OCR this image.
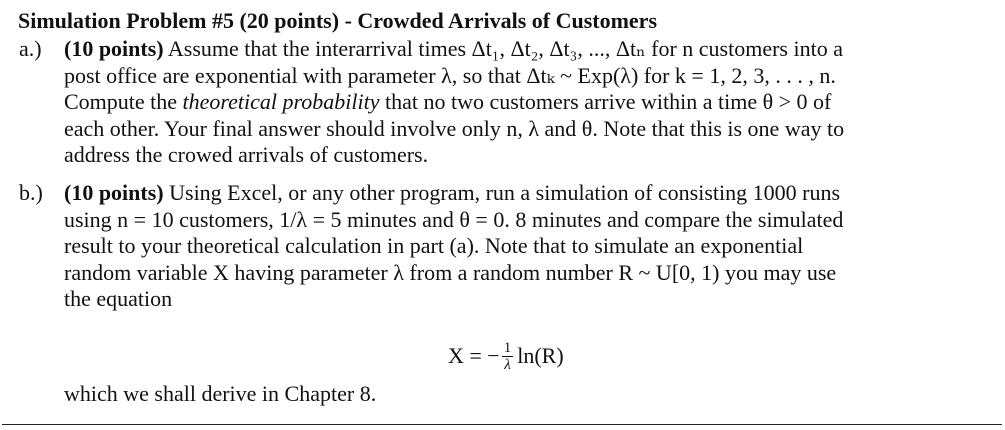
Simulation Problem #5 (20 points) - Crowded Arrivals of Customers
a.) (10 points) Assume that the interarrival times Δt₁, Δt₂, Δt₃, ..., Δtₙ for n customers into a
post office are exponential with parameter λ, so that Δtₖ ~ Exp(λ) for k = 1, 2, 3, . . . , n.
Compute the theoretical probability that no two customers arrive within a time θ > 0 of
each other. Your final answer should involve only n, λ and θ. Note that this is one way to
address the crowed arrivals of customers.
b.) (10 points) Using Excel, or any other program, run a simulation of consisting 1000 runs
using n = 10 customers, 1/λ = 5 minutes and θ = 0. 8 minutes and compare the simulated
result to your theoretical calculation in part (a). Note that to simulate an exponential
random variable X having parameter λ from a random number R ~ U[0, 1) you may use
the equation
X = − $\frac{1}{\lambda} \ln(R)$
which we shall derive in Chapter 8.
